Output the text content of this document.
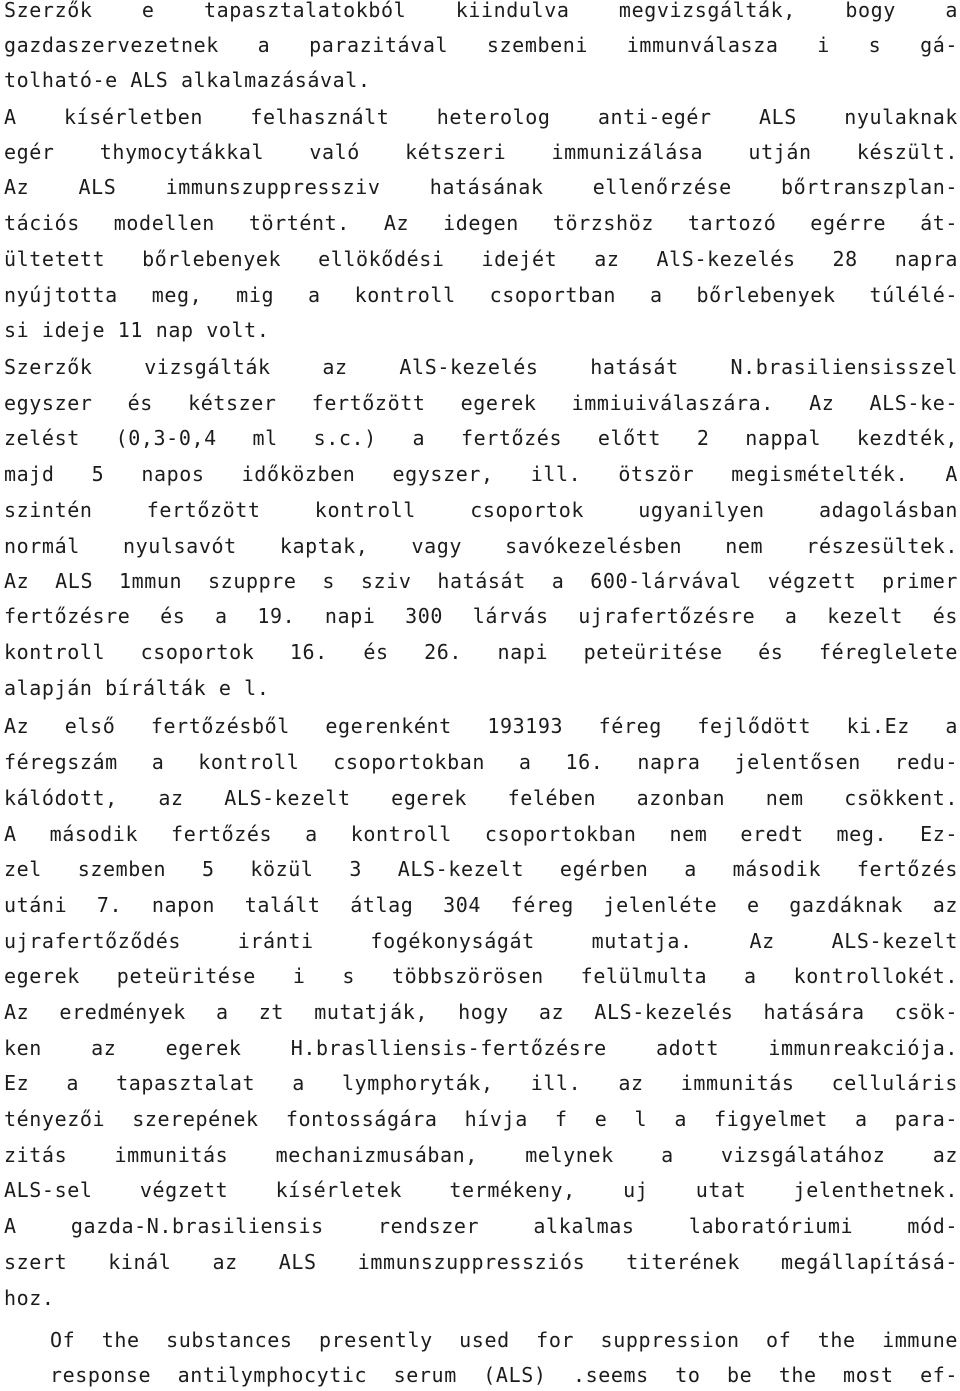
Szerzők e tapasztalatokból kiindulva megvizsgálták, bogy a
gazdaszervezetnek a parazitával szembeni immunválasza i s gá-
tolható-e ALS alkalmazásával.
A kísérletben felhasznált heterolog anti-egér ALS nyulaknak
egér thymocytákkal való kétszeri immunizálása utján készült.
Az ALS immunszuppressziv hatásának ellenőrzése bőrtranszplan-
tációs modellen történt. Az idegen törzshöz tartozó egérre át-
ültetett bőrlebenyek ellökődési idejét az AlS-kezelés 28 napra
nyújtotta meg, mig a kontroll csoportban a bőrlebenyek túlélé-
si ideje 11 nap volt.
Szerzők vizsgálták az AlS-kezelés hatását N.brasiliensisszel
egyszer és kétszer fertőzött egerek immiuiválaszára. Az ALS-ke-
zelést (0,3-0,4 ml s.c.) a fertőzés előtt 2 nappal kezdték,
majd 5 napos időközben egyszer, ill. ötször megismételték. A
szintén fertőzött kontroll csoportok ugyanilyen adagolásban
normál nyulsavót kaptak, vagy savókezelésben nem részesültek.
Az ALS 1mmun szuppre s sziv hatását a 600-lárvával végzett primer
fertőzésre és a 19. napi 300 lárvás ujrafertőzésre a kezelt és
kontroll csoportok 16. és 26. napi peteüritése és féreglelete
alapján bírálták e l.
Az első fertőzésből egerenként 193193 féreg fejlődött ki.Ez a
féregszám a kontroll csoportokban a 16. napra jelentősen redu-
kálódott, az ALS-kezelt egerek felében azonban nem csökkent.
A második fertőzés a kontroll csoportokban nem eredt meg. Ez-
zel szemben 5 közül 3 ALS-kezelt egérben a második fertőzés
utáni 7. napon talált átlag 304 féreg jelenléte e gazdáknak az
ujrafertőződés iránti fogékonyságát mutatja. Az ALS-kezelt
egerek peteüritése i s többszörösen felülmulta a kontrollokét.
Az eredmények a zt mutatják, hogy az ALS-kezelés hatására csök-
ken az egerek H.braslliensis-fertőzésre adott immunreakciója.
Ez a tapasztalat a lymphoryták, ill. az immunitás celluláris
tényezői szerepének fontosságára hívja f e l a figyelmet a para-
zitás immunitás mechanizmusában, melynek a vizsgálatához az
ALS-sel végzett kísérletek termékeny, uj utat jelenthetnek.
A gazda-N.brasiliensis rendszer alkalmas laboratóriumi mód-
szert kinál az ALS immunszuppressziós titerének megállapításá-
hoz.
Of the substances presently used for suppression of the immune
response antilymphocytic serum (ALS) .seems to be the most ef-
